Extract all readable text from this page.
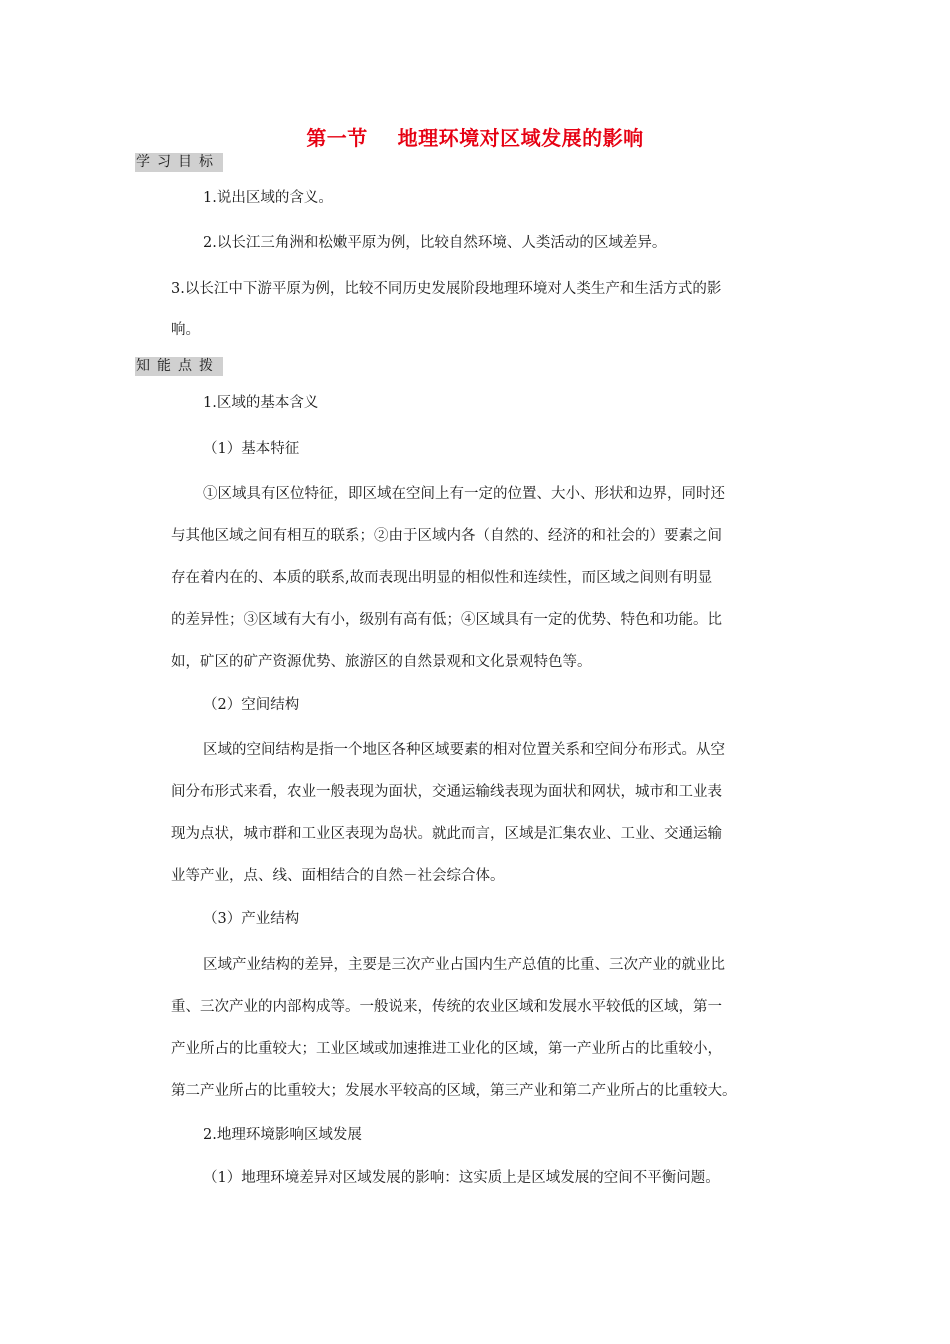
第一节    地理环境对区域发展的影响
学习目标
1.说出区域的含义。
2.以长江三角洲和松嫩平原为例，比较自然环境、人类活动的区域差异。
3.以长江中下游平原为例，比较不同历史发展阶段地理环境对人类生产和生活方式的影
响。
知能点拨
1.区域的基本含义
（1）基本特征
①区域具有区位特征，即区域在空间上有一定的位置、大小、形状和边界，同时还
与其他区域之间有相互的联系；②由于区域内各（自然的、经济的和社会的）要素之间
存在着内在的、本质的联系,故而表现出明显的相似性和连续性，而区域之间则有明显
的差异性；③区域有大有小，级别有高有低；④区域具有一定的优势、特色和功能。比
如，矿区的矿产资源优势、旅游区的自然景观和文化景观特色等。
（2）空间结构
区域的空间结构是指一个地区各种区域要素的相对位置关系和空间分布形式。从空
间分布形式来看，农业一般表现为面状，交通运输线表现为面状和网状，城市和工业表
现为点状，城市群和工业区表现为岛状。就此而言，区域是汇集农业、工业、交通运输
业等产业，点、线、面相结合的自然－社会综合体。
（3）产业结构
区域产业结构的差异，主要是三次产业占国内生产总值的比重、三次产业的就业比
重、三次产业的内部构成等。一般说来，传统的农业区域和发展水平较低的区域，第一
产业所占的比重较大；工业区域或加速推进工业化的区域，第一产业所占的比重较小，
第二产业所占的比重较大；发展水平较高的区域，第三产业和第二产业所占的比重较大。
2.地理环境影响区域发展
（1）地理环境差异对区域发展的影响：这实质上是区域发展的空间不平衡问题。
